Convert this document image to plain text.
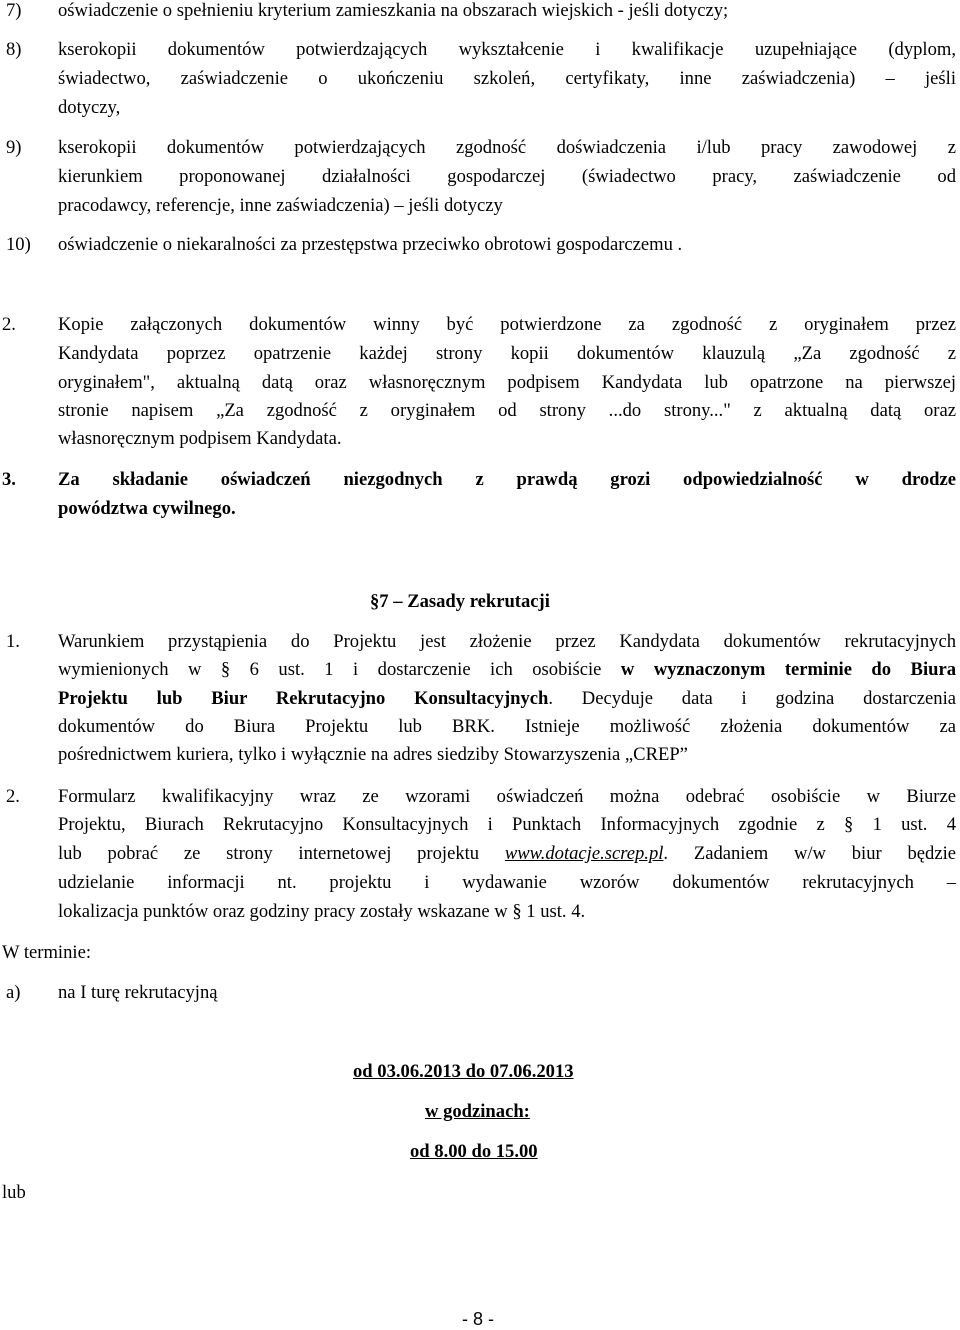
7) oświadczenie o spełnieniu kryterium zamieszkania na obszarach wiejskich - jeśli dotyczy;
8) kserokopii dokumentów potwierdzających wykształcenie i kwalifikacje uzupełniające (dyplom,
świadectwo, zaświadczenie o ukończeniu szkoleń, certyfikaty, inne zaświadczenia) – jeśli
dotyczy,
9) kserokopii dokumentów potwierdzających zgodność doświadczenia i/lub pracy zawodowej z
kierunkiem proponowanej działalności gospodarczej (świadectwo pracy, zaświadczenie od
pracodawcy, referencje, inne zaświadczenia) – jeśli dotyczy
10) oświadczenie o niekaralności za przestępstwa przeciwko obrotowi gospodarczemu .
2. Kopie załączonych dokumentów winny być potwierdzone za zgodność z oryginałem przez
Kandydata poprzez opatrzenie każdej strony kopii dokumentów klauzulą „Za zgodność z
oryginałem", aktualną datą oraz własnoręcznym podpisem Kandydata lub opatrzone na pierwszej
stronie napisem „Za zgodność z oryginałem od strony ...do strony..." z aktualną datą oraz
własnoręcznym podpisem Kandydata.
3. Za składanie oświadczeń niezgodnych z prawdą grozi odpowiedzialność w drodze
powództwa cywilnego.
§7 – Zasady rekrutacji
1. Warunkiem przystąpienia do Projektu jest złożenie przez Kandydata dokumentów rekrutacyjnych
wymienionych w § 6 ust. 1 i dostarczenie ich osobiście w wyznaczonym terminie do Biura
Projektu lub Biur Rekrutacyjno Konsultacyjnych. Decyduje data i godzina dostarczenia
dokumentów do Biura Projektu lub BRK. Istnieje możliwość złożenia dokumentów za
pośrednictwem kuriera, tylko i wyłącznie na adres siedziby Stowarzyszenia „CREP”
2. Formularz kwalifikacyjny wraz ze wzorami oświadczeń można odebrać osobiście w Biurze
Projektu, Biurach Rekrutacyjno Konsultacyjnych i Punktach Informacyjnych zgodnie z § 1 ust. 4
lub pobrać ze strony internetowej projektu www.dotacje.screp.pl. Zadaniem w/w biur będzie
udzielanie informacji nt. projektu i wydawanie wzorów dokumentów rekrutacyjnych –
lokalizacja punktów oraz godziny pracy zostały wskazane w § 1 ust. 4.
W terminie:
a) na I turę rekrutacyjną
od 03.06.2013 do 07.06.2013
w godzinach:
od 8.00 do 15.00
lub
- 8 -
